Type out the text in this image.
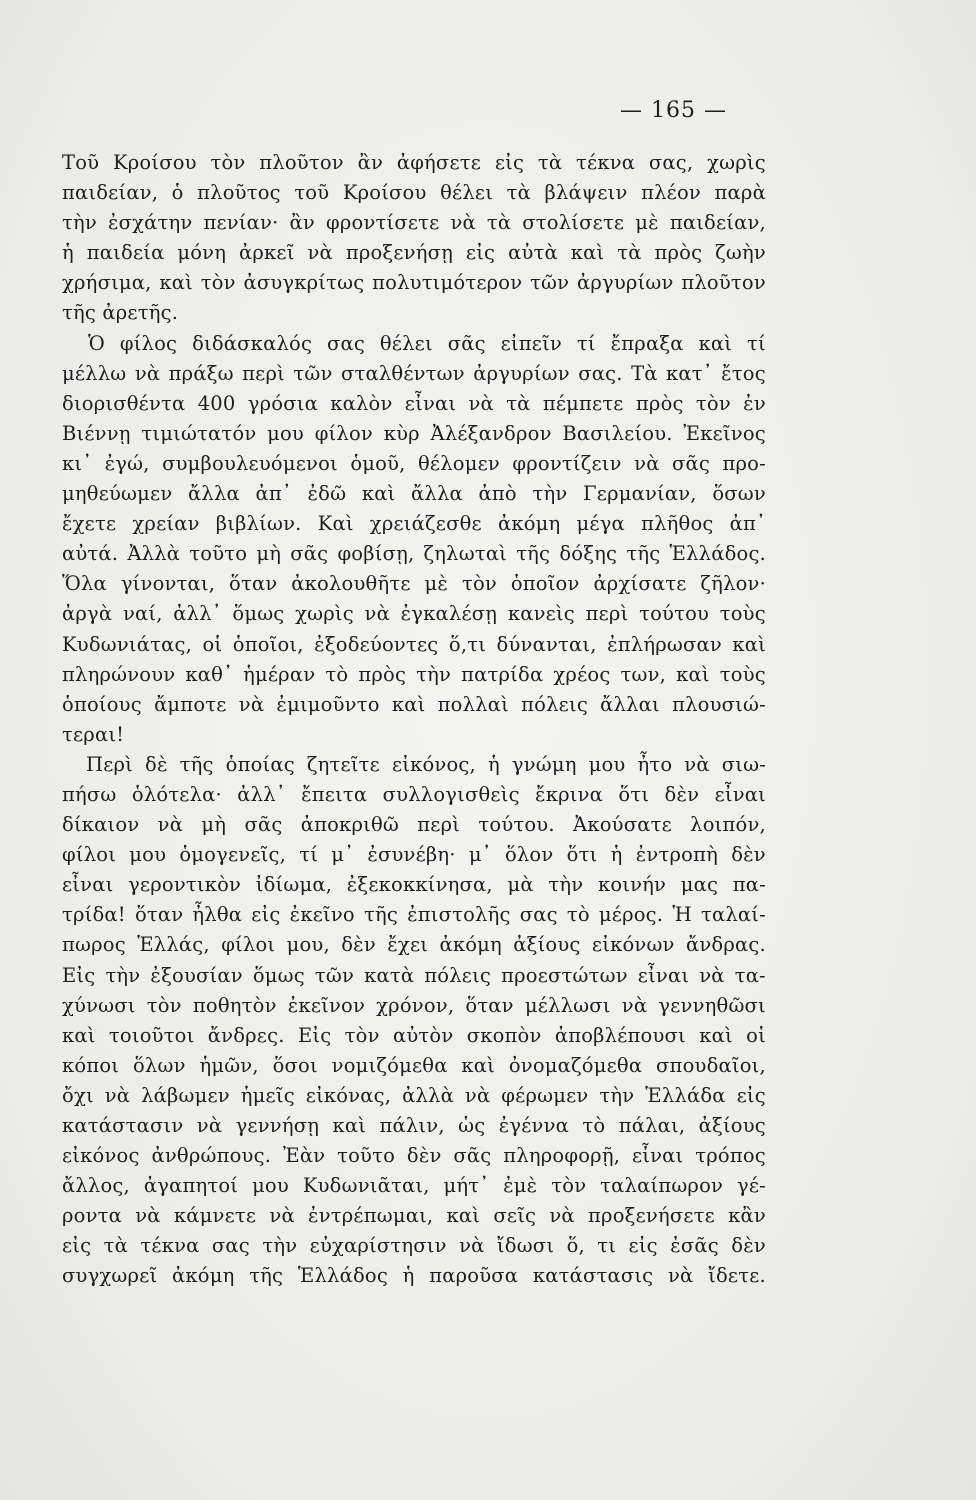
— 165 —
Τοῦ Κροίσου τὸν πλοῦτον ἂν ἀφήσετε εἰς τὰ τέκνα σας, χωρὶς
παιδείαν, ὁ πλοῦτος τοῦ Κροίσου θέλει τὰ βλάψειν πλέον παρὰ
τὴν ἐσχάτην πενίαν· ἂν φροντίσετε νὰ τὰ στολίσετε μὲ παιδείαν,
ἡ παιδεία μόνη ἀρκεῖ νὰ προξενήσῃ εἰς αὐτὰ καὶ τὰ πρὸς ζωὴν
χρήσιμα, καὶ τὸν ἀσυγκρίτως πολυτιμότερον τῶν ἀργυρίων πλοῦτον
τῆς ἀρετῆς.
Ὁ φίλος διδάσκαλός σας θέλει σᾶς εἰπεῖν τί ἔπραξα καὶ τί
μέλλω νὰ πράξω περὶ τῶν σταλθέντων ἀργυρίων σας. Τὰ κατ᾽ ἔτος
διορισθέντα 400 γρόσια καλὸν εἶναι νὰ τὰ πέμπετε πρὸς τὸν ἐν
Βιέννῃ τιμιώτατόν μου φίλον κὺρ Ἀλέξανδρον Βασιλείου. Ἐκεῖνος
κι᾽ ἐγώ, συμβουλευόμενοι ὁμοῦ, θέλομεν φροντίζειν νὰ σᾶς προ-
μηθεύωμεν ἄλλα ἀπ᾽ ἐδῶ καὶ ἄλλα ἀπὸ τὴν Γερμανίαν, ὅσων
ἔχετε χρείαν βιβλίων. Καὶ χρειάζεσθε ἀκόμη μέγα πλῆθος ἀπ᾽
αὐτά. Ἀλλὰ τοῦτο μὴ σᾶς φοβίσῃ, ζηλωταὶ τῆς δόξης τῆς Ἑλλάδος.
Ὅλα γίνονται, ὅταν ἀκολουθῆτε μὲ τὸν ὁποῖον ἀρχίσατε ζῆλον·
ἀργὰ ναί, ἀλλ᾽ ὅμως χωρὶς νὰ ἐγκαλέσῃ κανεὶς περὶ τούτου τοὺς
Κυδωνιάτας, οἱ ὁποῖοι, ἐξοδεύοντες ὅ,τι δύνανται, ἐπλήρωσαν καὶ
πληρώνουν καθ᾽ ἡμέραν τὸ πρὸς τὴν πατρίδα χρέος των, καὶ τοὺς
ὁποίους ἄμποτε νὰ ἐμιμοῦντο καὶ πολλαὶ πόλεις ἄλλαι πλουσιώ-
τεραι!
Περὶ δὲ τῆς ὁποίας ζητεῖτε εἰκόνος, ἡ γνώμη μου ἦτο νὰ σιω-
πήσω ὁλότελα· ἀλλ᾽ ἔπειτα συλλογισθεὶς ἔκρινα ὅτι δὲν εἶναι
δίκαιον νὰ μὴ σᾶς ἀποκριθῶ περὶ τούτου. Ἀκούσατε λοιπόν,
φίλοι μου ὁμογενεῖς, τί μ᾽ ἐσυνέβη· μ᾽ ὅλον ὅτι ἡ ἐντροπὴ δὲν
εἶναι γεροντικὸν ἰδίωμα, ἐξεκοκκίνησα, μὰ τὴν κοινήν μας πα-
τρίδα! ὅταν ἦλθα εἰς ἐκεῖνο τῆς ἐπιστολῆς σας τὸ μέρος. Ἡ ταλαί-
πωρος Ἑλλάς, φίλοι μου, δὲν ἔχει ἀκόμη ἀξίους εἰκόνων ἄνδρας.
Εἰς τὴν ἐξουσίαν ὅμως τῶν κατὰ πόλεις προεστώτων εἶναι νὰ τα-
χύνωσι τὸν ποθητὸν ἐκεῖνον χρόνον, ὅταν μέλλωσι νὰ γεννηθῶσι
καὶ τοιοῦτοι ἄνδρες. Εἰς τὸν αὐτὸν σκοπὸν ἀποβλέπουσι καὶ οἱ
κόποι ὅλων ἡμῶν, ὅσοι νομιζόμεθα καὶ ὀνομαζόμεθα σπουδαῖοι,
ὄχι νὰ λάβωμεν ἡμεῖς εἰκόνας, ἀλλὰ νὰ φέρωμεν τὴν Ἑλλάδα εἰς
κατάστασιν νὰ γεννήσῃ καὶ πάλιν, ὡς ἐγέννα τὸ πάλαι, ἀξίους
εἰκόνος ἀνθρώπους. Ἐὰν τοῦτο δὲν σᾶς πληροφορῇ, εἶναι τρόπος
ἄλλος, ἀγαπητοί μου Κυδωνιᾶται, μήτ᾽ ἐμὲ τὸν ταλαίπωρον γέ-
ροντα νὰ κάμνετε νὰ ἐντρέπωμαι, καὶ σεῖς νὰ προξενήσετε κἂν
εἰς τὰ τέκνα σας τὴν εὐχαρίστησιν νὰ ἴδωσι ὅ, τι εἰς ἐσᾶς δὲν
συγχωρεῖ ἀκόμη τῆς Ἑλλάδος ἡ παροῦσα κατάστασις νὰ ἴδετε.
